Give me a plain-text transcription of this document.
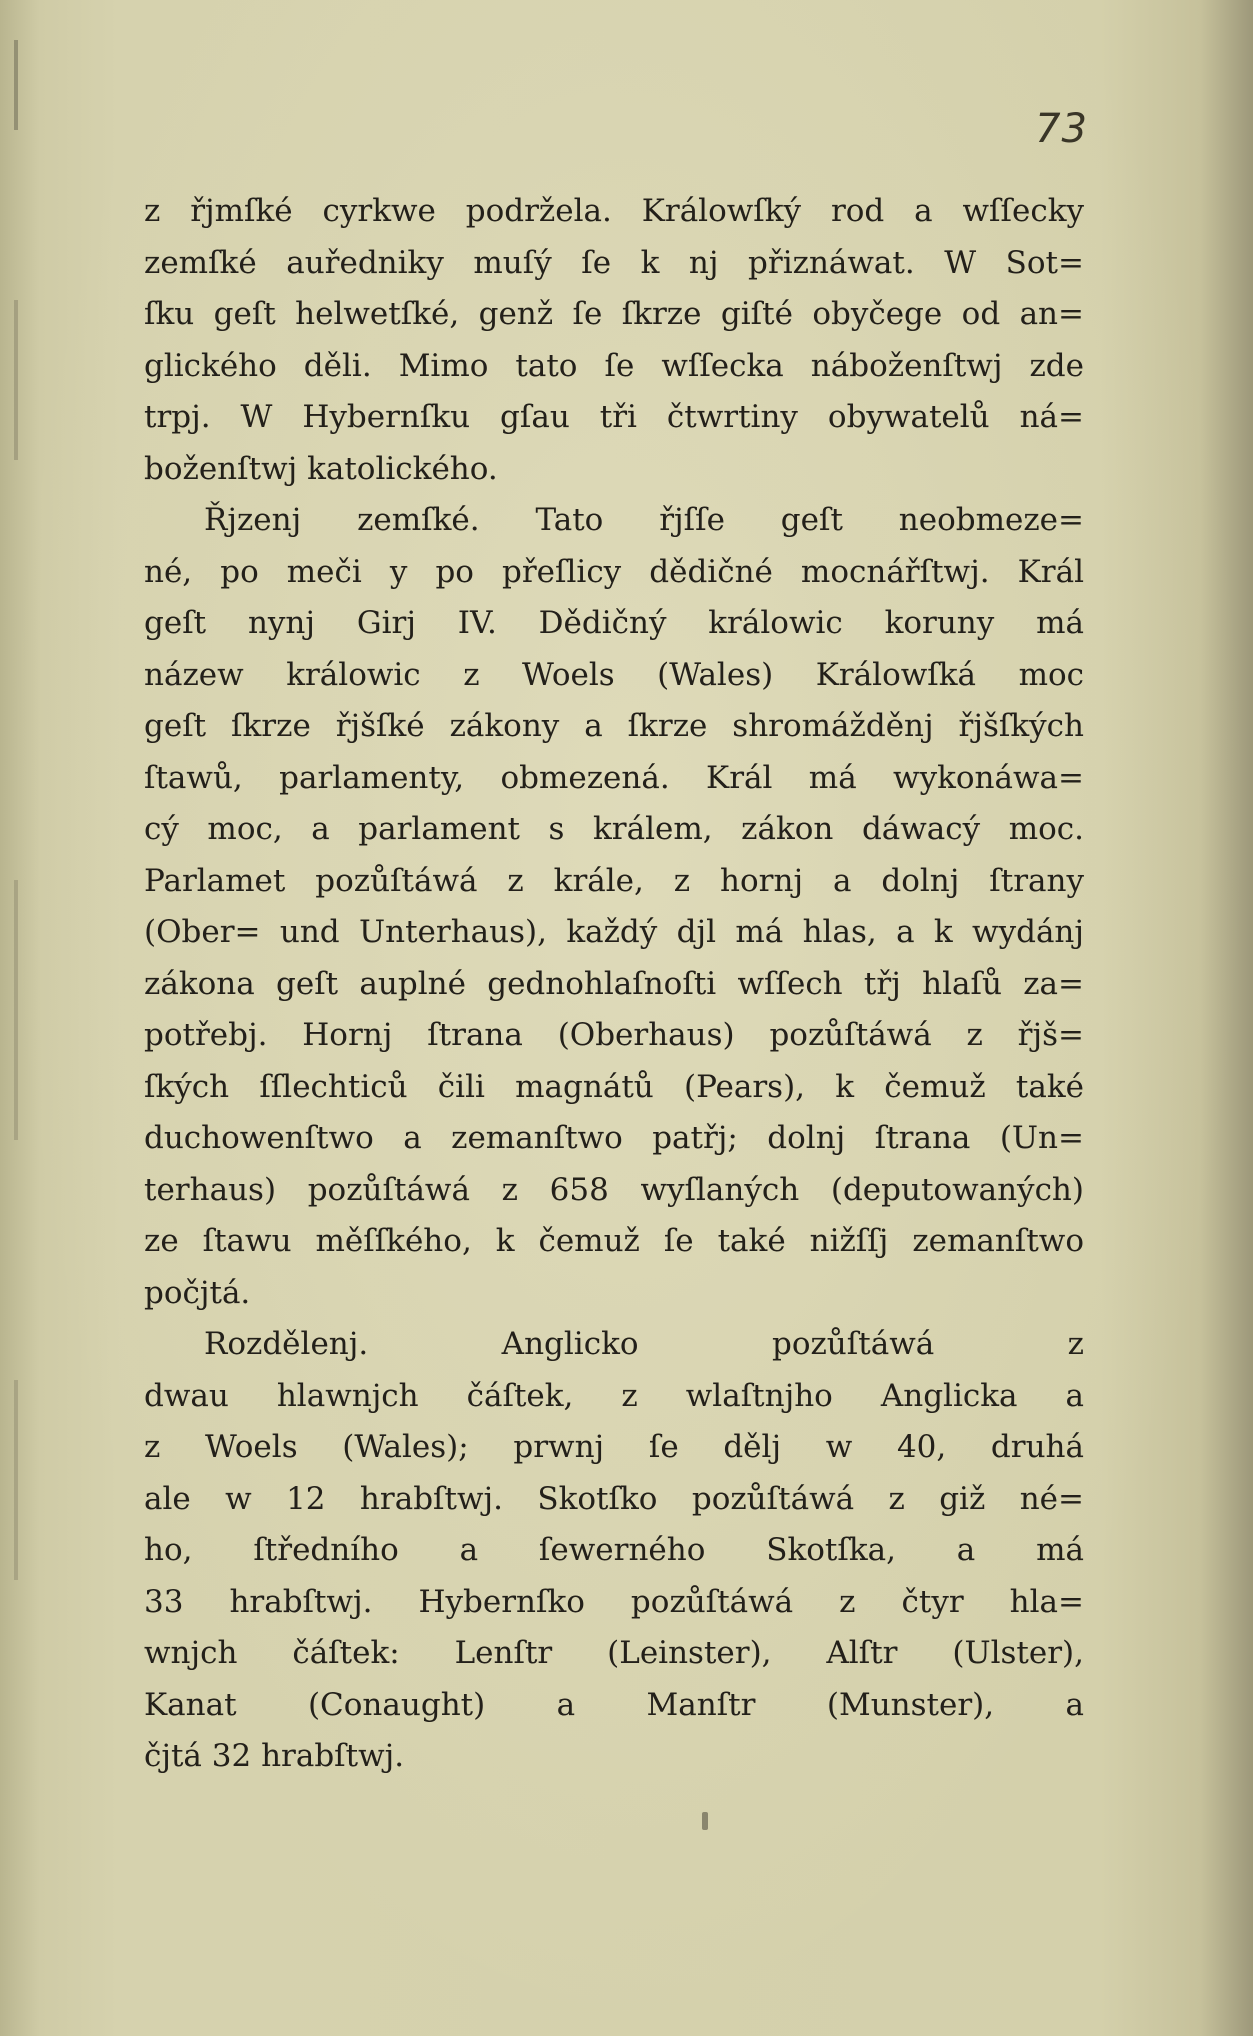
73
z řjmſké cyrkwe podržela. Králowſký rod a wſſecky
zemſké auředniky muſý ſe k nj přiznáwat. W Sot=
ſku geſt helwetſké, genž ſe ſkrze giſté obyčege od an=
glického děli. Mimo tato ſe wſſecka náboženſtwj zde
trpj. W Hybernſku gſau tři čtwrtiny obywatelů ná=
boženſtwj katolického.
Řjzenj zemſké. Tato řjſſe geſt neobmeze=
né, po meči y po přeſlicy dědičné mocnářſtwj. Král
geſt nynj Girj IV. Dědičný králowic koruny má
názew králowic z Woels (Wales) Králowſká moc
geſt ſkrze řjšſké zákony a ſkrze shromážděnj řjšſkých
ſtawů, parlamenty, obmezená. Král má wykonáwa=
cý moc, a parlament s králem, zákon dáwacý moc.
Parlamet pozůſtáwá z krále, z hornj a dolnj ſtrany
(Ober= und Unterhaus), každý djl má hlas, a k wydánj
zákona geſt auplné gednohlaſnoſti wſſech třj hlaſů za=
potřebj. Hornj ſtrana (Oberhaus) pozůſtáwá z řjš=
ſkých ſſlechticů čili magnátů (Pears), k čemuž také
duchowenſtwo a zemanſtwo patřj; dolnj ſtrana (Un=
terhaus) pozůſtáwá z 658 wyſlaných (deputowaných)
ze ſtawu měſſkého, k čemuž ſe také nižſſj zemanſtwo
počjtá.
Rozdělenj. Anglicko pozůſtáwá z
dwau hlawnjch čáſtek, z wlaſtnjho Anglicka a
z Woels (Wales); prwnj ſe dělj w 40, druhá
ale w 12 hrabſtwj. Skotſko pozůſtáwá z giž né=
ho, ſtředního a ſewerného Skotſka, a má
33 hrabſtwj. Hybernſko pozůſtáwá z čtyr hla=
wnjch čáſtek: Lenſtr (Leinster), Alſtr (Ulster),
Kanat (Conaught) a Manſtr (Munster), a
čjtá 32 hrabſtwj.
